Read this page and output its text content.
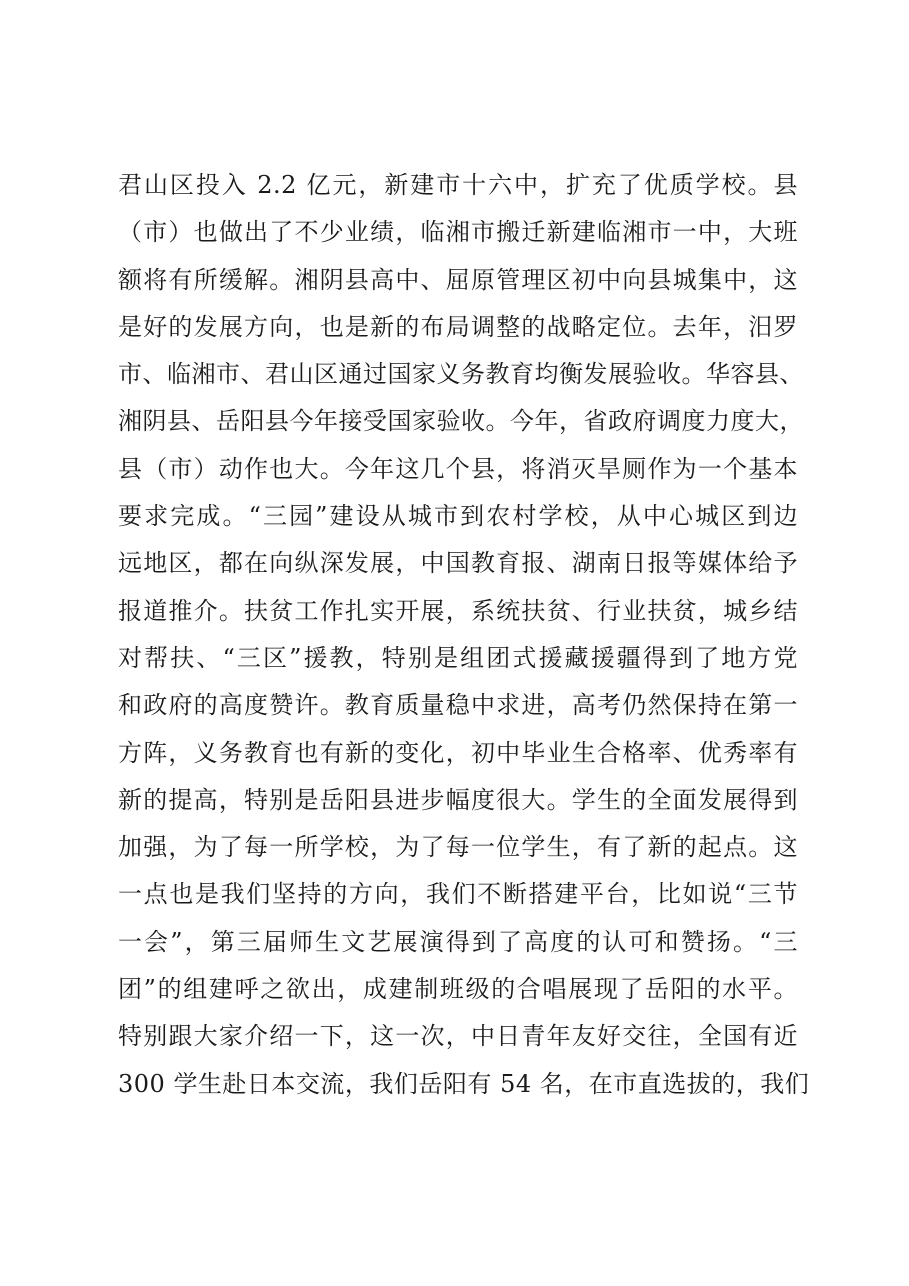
君山区投入 2.2 亿元，新建市十六中，扩充了优质学校。县
（市）也做出了不少业绩，临湘市搬迁新建临湘市一中，大班
额将有所缓解。湘阴县高中、屈原管理区初中向县城集中，这
是好的发展方向，也是新的布局调整的战略定位。去年，汨罗
市、临湘市、君山区通过国家义务教育均衡发展验收。华容县、
湘阴县、岳阳县今年接受国家验收。今年，省政府调度力度大，
县（市）动作也大。今年这几个县，将消灭旱厕作为一个基本
要求完成。“三园”建设从城市到农村学校，从中心城区到边
远地区，都在向纵深发展，中国教育报、湖南日报等媒体给予
报道推介。扶贫工作扎实开展，系统扶贫、行业扶贫，城乡结
对帮扶、“三区”援教，特别是组团式援藏援疆得到了地方党
和政府的高度赞许。教育质量稳中求进，高考仍然保持在第一
方阵，义务教育也有新的变化，初中毕业生合格率、优秀率有
新的提高，特别是岳阳县进步幅度很大。学生的全面发展得到
加强，为了每一所学校，为了每一位学生，有了新的起点。这
一点也是我们坚持的方向，我们不断搭建平台，比如说“三节
一会”，第三届师生文艺展演得到了高度的认可和赞扬。“三
团”的组建呼之欲出，成建制班级的合唱展现了岳阳的水平。
特别跟大家介绍一下，这一次，中日青年友好交往，全国有近
300 学生赴日本交流，我们岳阳有 54 名，在市直选拔的，我们
